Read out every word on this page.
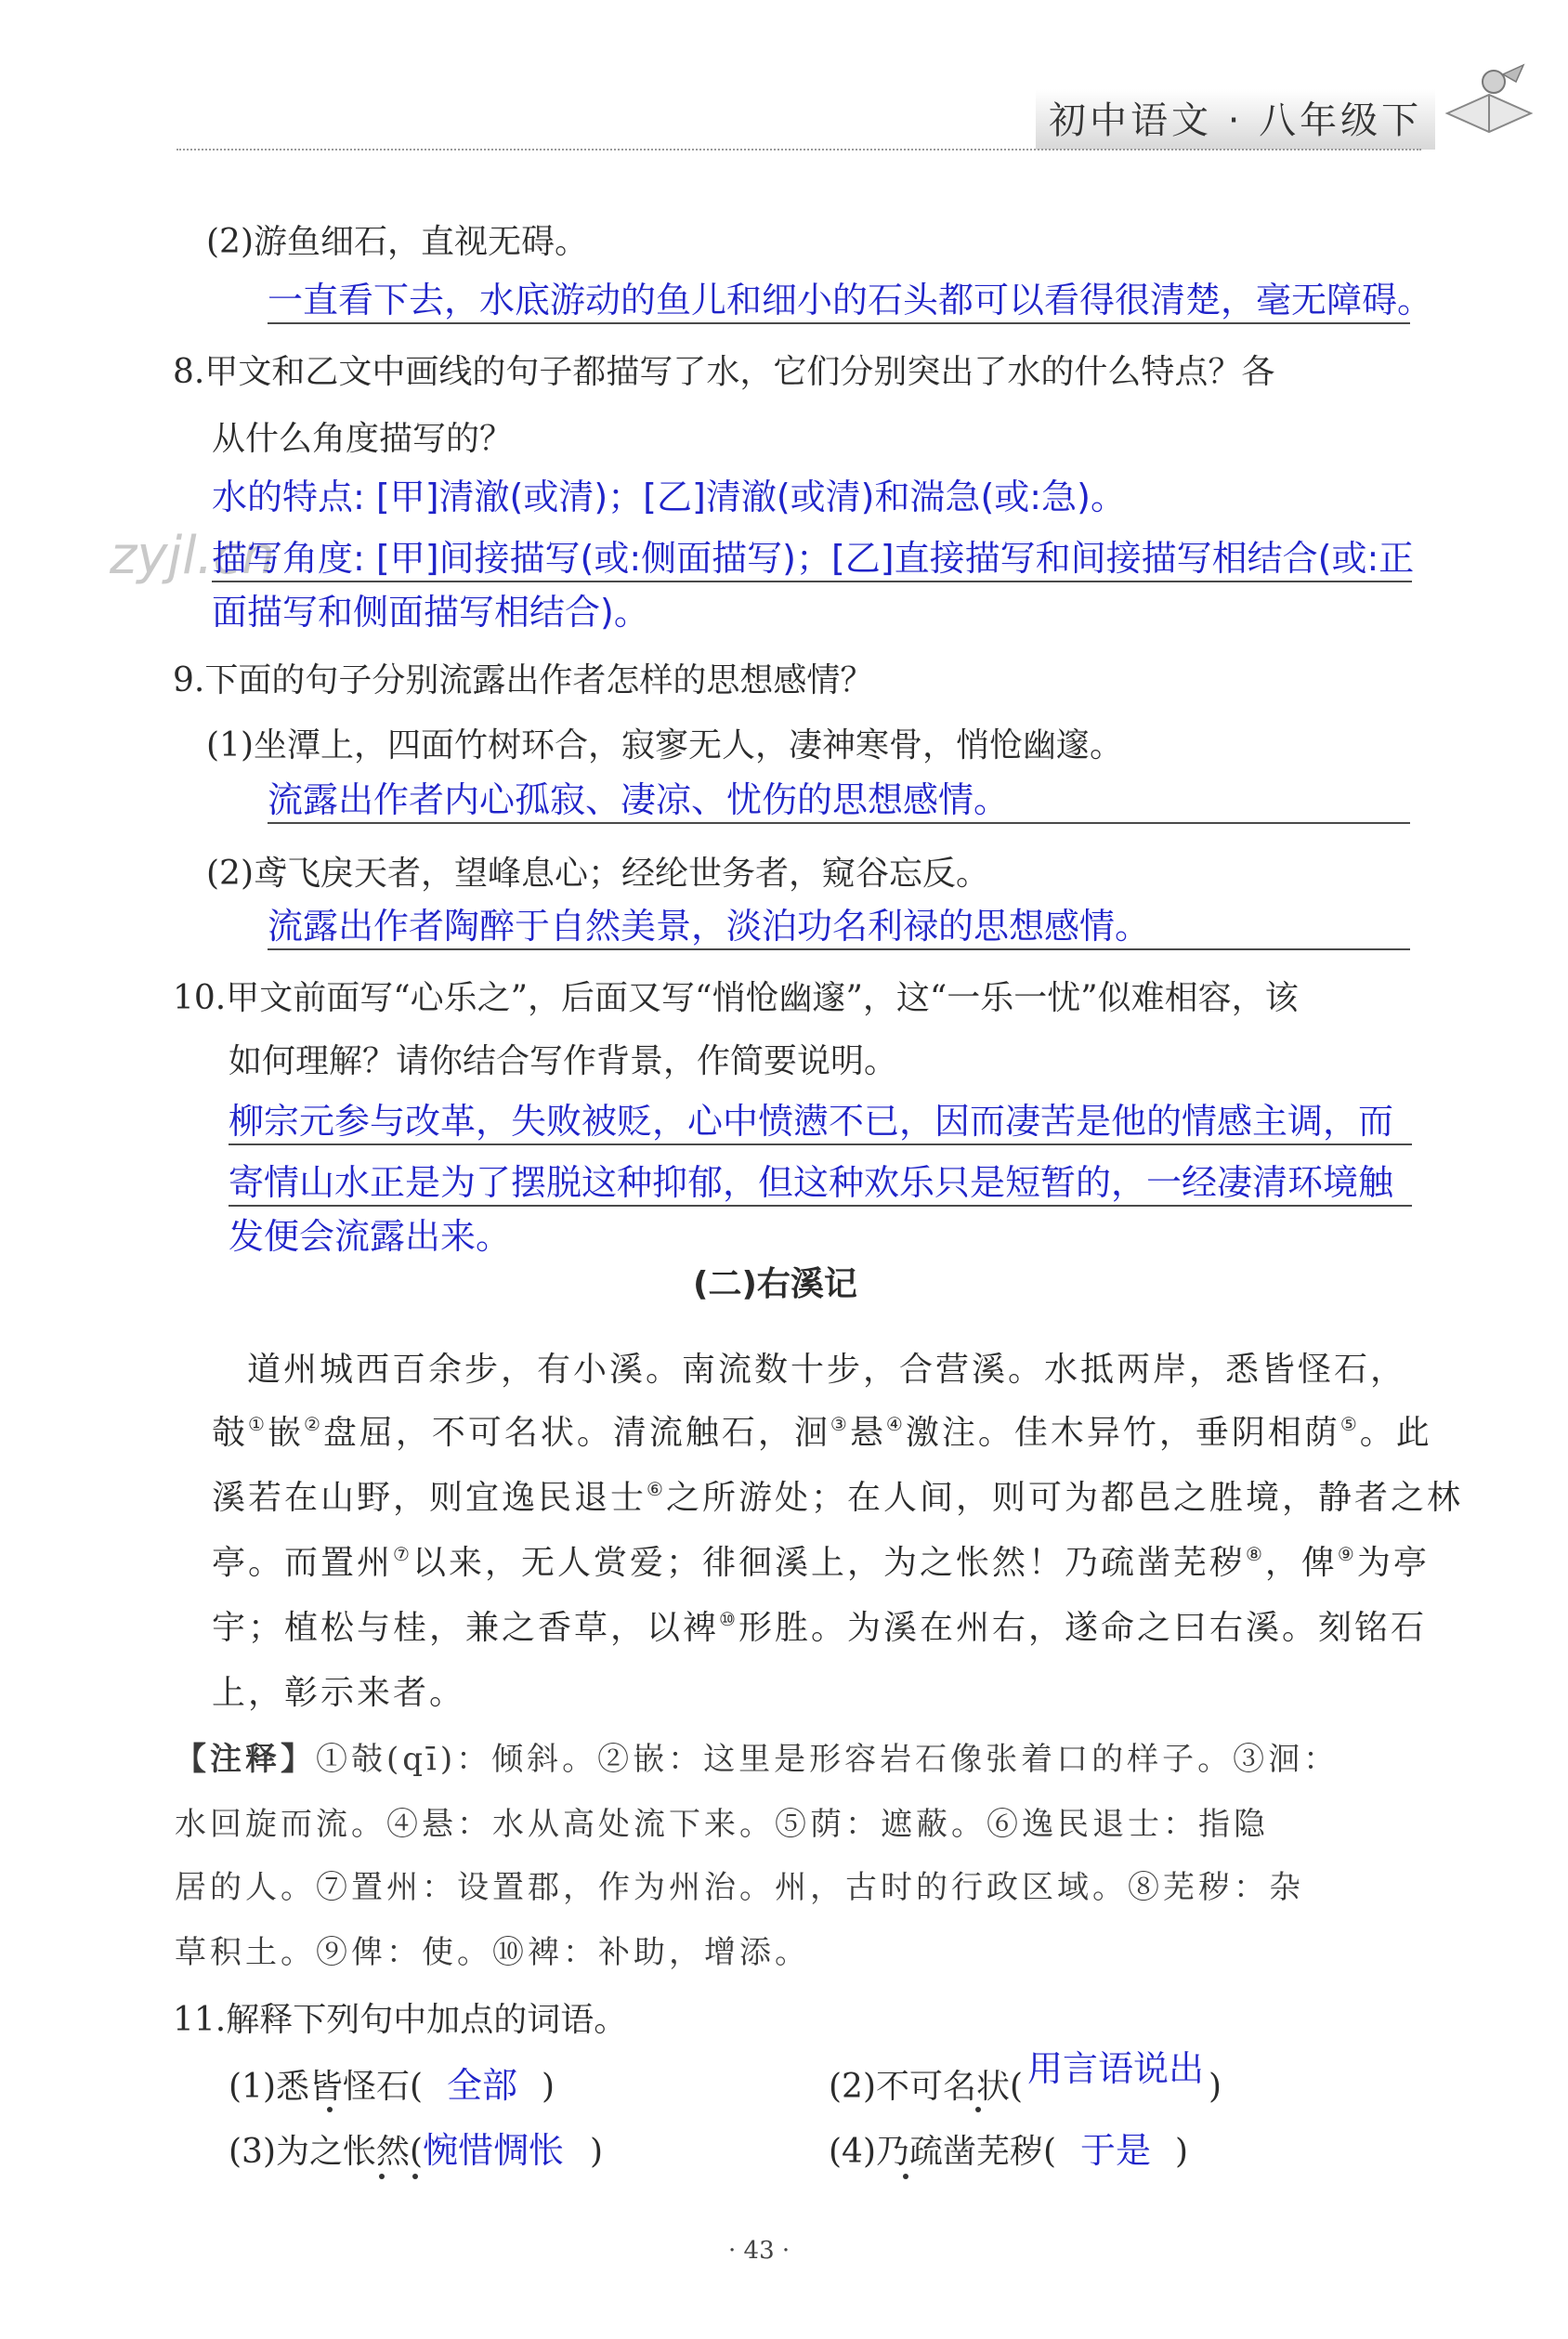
初中语文 · 八年级下
zyjl.cn
(2)游鱼细石，直视无碍。
一直看下去，水底游动的鱼儿和细小的石头都可以看得很清楚，毫无障碍。
8.甲文和乙文中画线的句子都描写了水，它们分别突出了水的什么特点？各
从什么角度描写的？
水的特点: [甲]清澈(或清)；[乙]清澈(或清)和湍急(或:急)。
描写角度: [甲]间接描写(或:侧面描写)；[乙]直接描写和间接描写相结合(或:正
面描写和侧面描写相结合)。
9.下面的句子分别流露出作者怎样的思想感情？
(1)坐潭上，四面竹树环合，寂寥无人，凄神寒骨，悄怆幽邃。
流露出作者内心孤寂、凄凉、忧伤的思想感情。
(2)鸢飞戾天者，望峰息心；经纶世务者，窥谷忘反。
流露出作者陶醉于自然美景，淡泊功名利禄的思想感情。
10.甲文前面写“心乐之”，后面又写“悄怆幽邃”，这“一乐一忧”似难相容，该
如何理解？请你结合写作背景，作简要说明。
柳宗元参与改革，失败被贬，心中愤懑不已，因而凄苦是他的情感主调，而
寄情山水正是为了摆脱这种抑郁，但这种欢乐只是短暂的，一经凄清环境触
发便会流露出来。
(二)右溪记
道州城西百余步，有小溪。南流数十步，合营溪。水抵两岸，悉皆怪石，
攲①嵌②盘屈，不可名状。清流触石，洄③悬④激注。佳木异竹，垂阴相荫⑤。此
溪若在山野，则宜逸民退士⑥之所游处；在人间，则可为都邑之胜境，静者之林
亭。而置州⑦以来，无人赏爱；徘徊溪上，为之怅然！乃疏凿芜秽⑧，俾⑨为亭
宇；植松与桂，兼之香草，以裨⑩形胜。为溪在州右，遂命之曰右溪。刻铭石
上，彰示来者。
【注释】①攲(qī)：倾斜。②嵌：这里是形容岩石像张着口的样子。③洄：
水回旋而流。④悬：水从高处流下来。⑤荫：遮蔽。⑥逸民退士：指隐
居的人。⑦置州：设置郡，作为州治。州，古时的行政区域。⑧芜秽：杂
草积土。⑨俾：使。⑩裨：补助，增添。
11.解释下列句中加点的词语。
(1)悉皆怪石( 全部 )	(2)不可名状( 用言语说出 )
(3)为之怅然(惋惜惆怅 )	(4)乃疏凿芜秽( 于是 )
· 43 ·
